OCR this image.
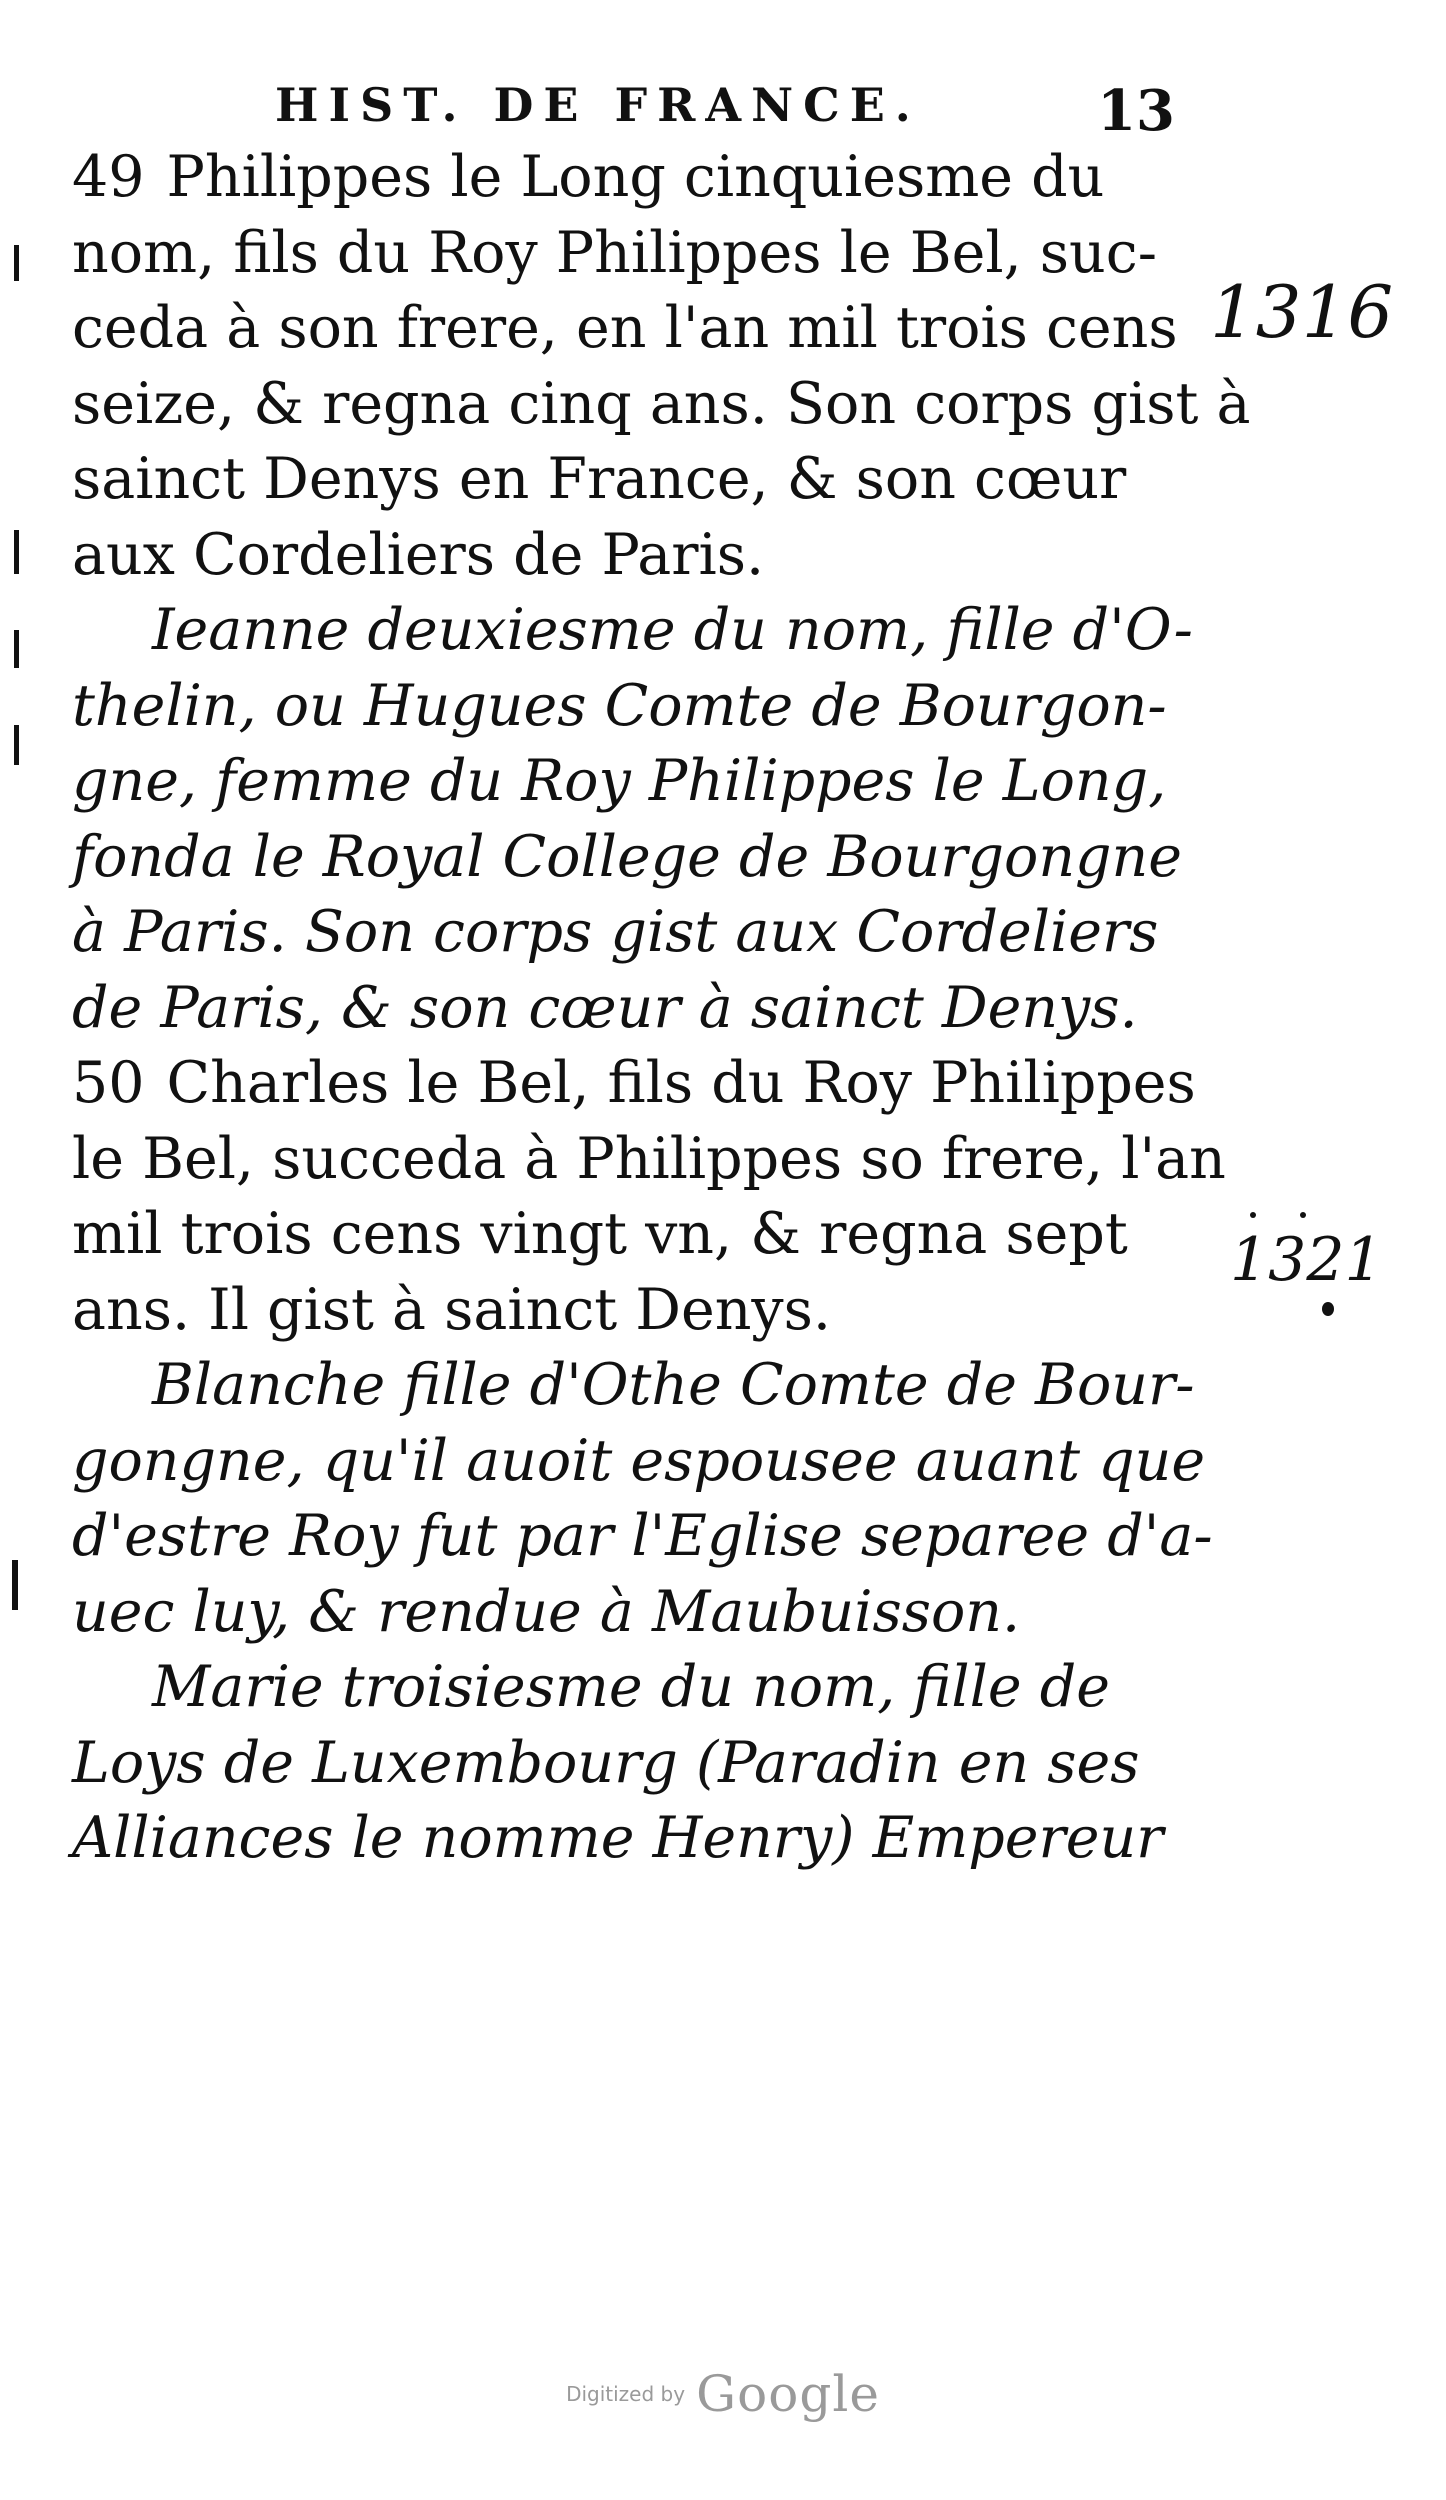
HIST. DE FRANCE.	13
49 Philippes le Long cinquiesme du
nom, fils du Roy Philippes le Bel, suc-
ceda à son frere, en l'an mil trois cens
seize, & regna cinq ans. Son corps gist à
sainct Denys en France, & son cœur
aux Cordeliers de Paris.
Ieanne deuxiesme du nom, fille d'O-
thelin, ou Hugues Comte de Bourgon-
gne, femme du Roy Philippes le Long,
fonda le Royal College de Bourgongne
à Paris. Son corps gist aux Cordeliers
de Paris, & son cœur à sainct Denys.
50 Charles le Bel, fils du Roy Philippes
le Bel, succeda à Philippes so frere, l'an
mil trois cens vingt vn, & regna sept
ans. Il gist à sainct Denys.
Blanche fille d'Othe Comte de Bour-
gongne, qu'il auoit espousee auant que
d'estre Roy fut par l'Eglise separee d'a-
uec luy, & rendue à Maubuisson.
Marie troisiesme du nom, fille de
Loys de Luxembourg (Paradin en ses
Alliances le nomme Henry) Empereur
1316
1321
Digitized by Google
